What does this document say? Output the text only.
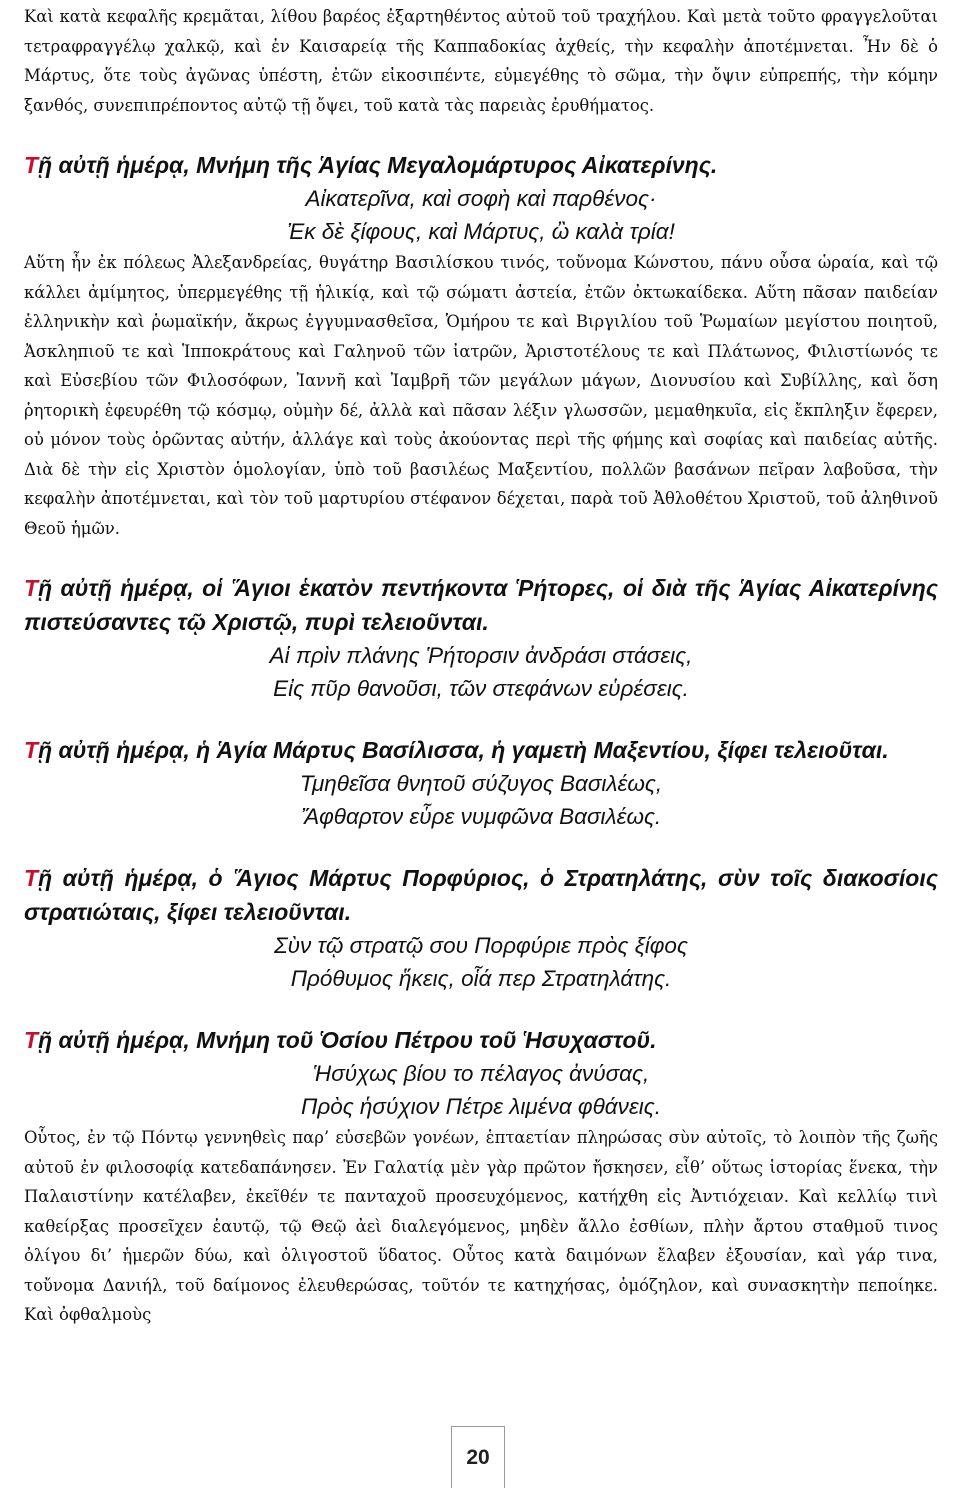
Καὶ κατὰ κεφαλῆς κρεμᾶται, λίθου βαρέος ἐξαρτηθέντος αὐτοῦ τοῦ τραχήλου. Καὶ μετὰ τοῦτο φραγγελοῦται τετραφραγγέλῳ χαλκῷ, καὶ ἐν Καισαρείᾳ τῆς Καππαδοκίας ἀχθείς, τὴν κεφαλὴν ἀποτέμνεται. Ἦν δὲ ὁ Μάρτυς, ὅτε τοὺς ἀγῶνας ὑπέστη, ἐτῶν εἰκοσιπέντε, εὐμεγέθης τὸ σῶμα, τὴν ὄψιν εὐπρεπής, τὴν κόμην ξανθός, συνεπιπρέποντος αὐτῷ τῇ ὄψει, τοῦ κατὰ τὰς παρειὰς ἐρυθήματος.

Τῇ αὐτῇ ἡμέρᾳ, Μνήμη τῆς Ἁγίας Μεγαλομάρτυρος Αἰκατερίνης.

Αἰκατερῖνα, καὶ σοφὴ καὶ παρθένος·

Ἐκ δὲ ξίφους, καὶ Μάρτυς, ὢ καλὰ τρία!

Αὕτη ἦν ἐκ πόλεως Ἀλεξανδρείας, θυγάτηρ Βασιλίσκου τινός, τοὔνομα Κώνστου, πάνυ οὖσα ὡραία, καὶ τῷ κάλλει ἀμίμητος, ὑπερμεγέθης τῇ ἡλικίᾳ, καὶ τῷ σώματι ἀστεία, ἐτῶν ὀκτωκαίδεκα. Αὕτη πᾶσαν παιδείαν ἑλληνικὴν καὶ ῥωμαϊκήν, ἄκρως ἐγγυμνασθεῖσα, Ὁμήρου τε καὶ Βιργιλίου τοῦ Ῥωμαίων μεγίστου ποιητοῦ, Ἀσκληπιοῦ τε καὶ Ἱπποκράτους καὶ Γαληνοῦ τῶν ἰατρῶν, Ἀριστοτέλους τε καὶ Πλάτωνος, Φιλιστίωνός τε καὶ Εὐσεβίου τῶν Φιλοσόφων, Ἰαννῆ καὶ Ἰαμβρῆ τῶν μεγάλων μάγων, Διονυσίου καὶ Συβίλλης, καὶ ὅση ῥητορικὴ ἐφευρέθη τῷ κόσμῳ, οὐμὴν δέ, ἀλλὰ καὶ πᾶσαν λέξιν γλωσσῶν, μεμαθηκυῖα, εἰς ἔκπληξιν ἔφερεν, οὐ μόνον τοὺς ὁρῶντας αὐτήν, ἀλλάγε καὶ τοὺς ἀκούοντας περὶ τῆς φήμης καὶ σοφίας καὶ παιδείας αὐτῆς. Διὰ δὲ τὴν εἰς Χριστὸν ὁμολογίαν, ὑπὸ τοῦ βασιλέως Μαξεντίου, πολλῶν βασάνων πεῖραν λαβοῦσα, τὴν κεφαλὴν ἀποτέμνεται, καὶ τὸν τοῦ μαρτυρίου στέφανον δέχεται, παρὰ τοῦ Ἀθλοθέτου Χριστοῦ, τοῦ ἀληθινοῦ Θεοῦ ἡμῶν.

Τῇ αὐτῇ ἡμέρᾳ, οἱ Ἅγιοι ἑκατὸν πεντήκοντα Ῥήτορες, οἱ διὰ τῆς Ἁγίας Αἰκατερίνης πιστεύσαντες τῷ Χριστῷ, πυρὶ τελειοῦνται.

Αἱ πρὶν πλάνης Ῥήτορσιν ἀνδράσι στάσεις,

Εἰς πῦρ θανοῦσι, τῶν στεφάνων εὑρέσεις.

Τῇ αὐτῇ ἡμέρᾳ, ἡ Ἁγία Μάρτυς Βασίλισσα, ἡ γαμετὴ Μαξεντίου, ξίφει τελειοῦται.

Τμηθεῖσα θνητοῦ σύζυγος Βασιλέως,

Ἄφθαρτον εὗρε νυμφῶνα Βασιλέως.

Τῇ αὐτῇ ἡμέρᾳ, ὁ Ἅγιος Μάρτυς Πορφύριος, ὁ Στρατηλάτης, σὺν τοῖς διακοσίοις στρατιώταις, ξίφει τελειοῦνται.

Σὺν τῷ στρατῷ σου Πορφύριε πρὸς ξίφος

Πρόθυμος ἥκεις, οἷά περ Στρατηλάτης.

Τῇ αὐτῇ ἡμέρᾳ, Μνήμη τοῦ Ὁσίου Πέτρου τοῦ Ἡσυχαστοῦ.

Ἡσύχως βίου το πέλαγος ἀνύσας,

Πρὸς ἡσύχιον Πέτρε λιμένα φθάνεις.

Οὗτος, ἐν τῷ Πόντῳ γεννηθεὶς παρ’ εὐσεβῶν γονέων, ἑπταετίαν πληρώσας σὺν αὐτοῖς, τὸ λοιπὸν τῆς ζωῆς αὐτοῦ ἐν φιλοσοφίᾳ κατεδαπάνησεν. Ἐν Γαλατίᾳ μὲν γὰρ πρῶτον ἤσκησεν, εἶθ’ οὕτως ἱστορίας ἕνεκα, τὴν Παλαιστίνην κατέλαβεν, ἐκεῖθέν τε πανταχοῦ προσευχόμενος, κατήχθη εἰς Ἀντιόχειαν. Καὶ κελλίῳ τινὶ καθείρξας προσεῖχεν ἑαυτῷ, τῷ Θεῷ ἀεὶ διαλεγόμενος, μηδὲν ἄλλο ἐσθίων, πλὴν ἄρτου σταθμοῦ τινος ὀλίγου δι’ ἡμερῶν δύω, καὶ ὀλιγοστοῦ ὕδατος. Οὗτος κατὰ δαιμόνων ἔλαβεν ἐξουσίαν, καὶ γάρ τινα, τοὔνομα Δανιήλ, τοῦ δαίμονος ἐλευθερώσας, τοῦτόν τε κατηχήσας, ὁμόζηλον, καὶ συνασκητὴν πεποίηκε. Καὶ ὀφθαλμοὺς

20
